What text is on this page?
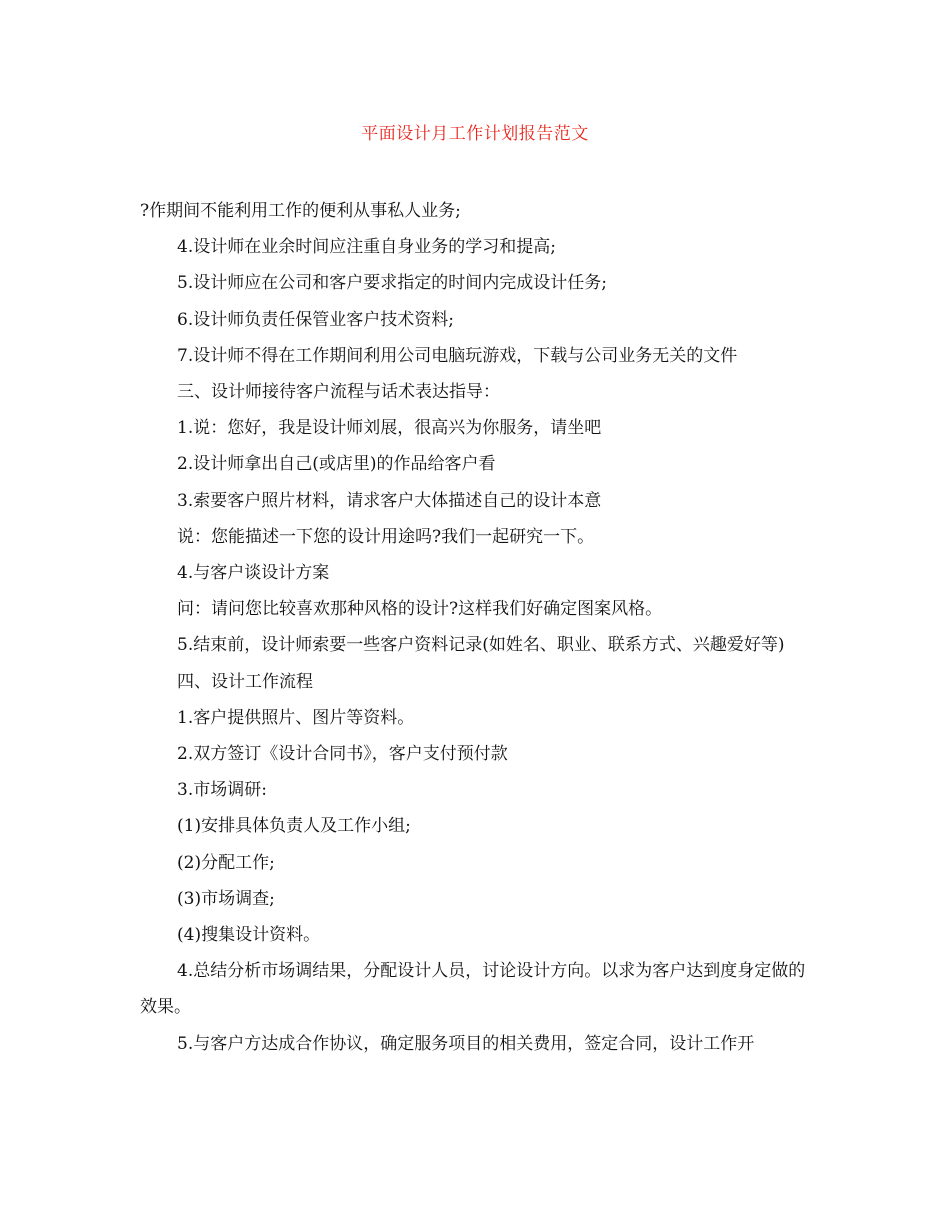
平面设计月工作计划报告范文

?作期间不能利用工作的便利从事私人业务;

4.设计师在业余时间应注重自身业务的学习和提高;

5.设计师应在公司和客户要求指定的时间内完成设计任务;

6.设计师负责任保管业客户技术资料;

7.设计师不得在工作期间利用公司电脑玩游戏，下载与公司业务无关的文件

三、设计师接待客户流程与话术表达指导：

1.说：您好，我是设计师刘展，很高兴为你服务，请坐吧

2.设计师拿出自己(或店里)的作品给客户看

3.索要客户照片材料，请求客户大体描述自己的设计本意

说：您能描述一下您的设计用途吗?我们一起研究一下。

4.与客户谈设计方案

问：请问您比较喜欢那种风格的设计?这样我们好确定图案风格。

5.结束前，设计师索要一些客户资料记录(如姓名、职业、联系方式、兴趣爱好等)

四、设计工作流程

1.客户提供照片、图片等资料。

2.双方签订《设计合同书》，客户支付预付款

3.市场调研:

(1)安排具体负责人及工作小组;

(2)分配工作;

(3)市场调查;

(4)搜集设计资料。

4.总结分析市场调结果，分配设计人员，讨论设计方向。以求为客户达到度身定做的效果。

5.与客户方达成合作协议，确定服务项目的相关费用，签定合同，设计工作开
